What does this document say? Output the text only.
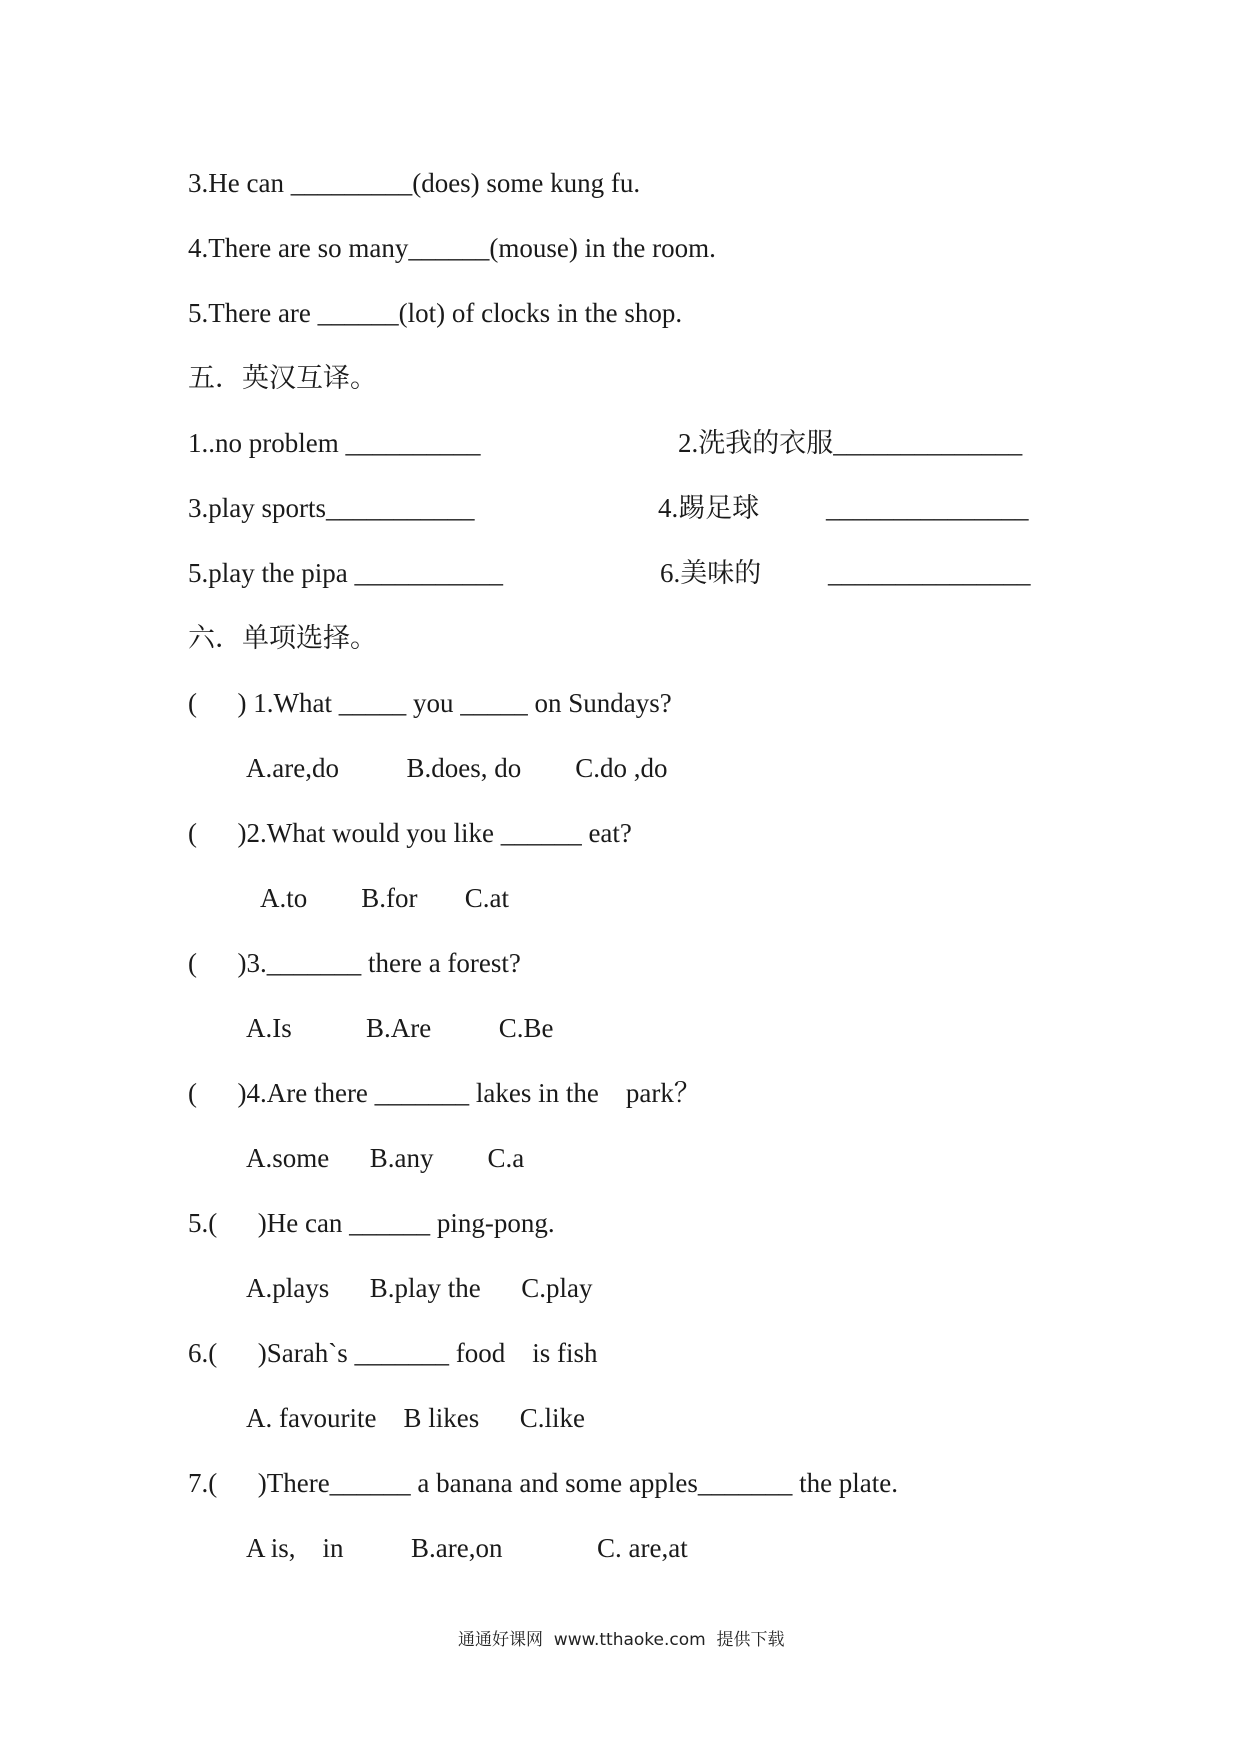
3.He can _________(does) some kung fu.
4.There are so many______(mouse) in the room.
5.There are ______(lot) of clocks in the shop.
五．英汉互译。
1..no problem __________	2.洗我的衣服______________
3.play sports___________	4.踢足球 _______________
5.play the pipa ___________	6.美味的 _______________
六．单项选择。
(      ) 1.What _____ you _____ on Sundays?
A.are,do          B.does, do        C.do ,do
(      )2.What would you like ______ eat?
A.to        B.for       C.at
(      )3._______ there a forest?
A.Is           B.Are          C.Be
(      )4.Are there _______ lakes in the    park？
A.some      B.any        C.a
5.(      )He can ______ ping-pong.
A.plays      B.play the      C.play
6.(      )Sarah`s _______ food    is fish
A. favourite    B likes      C.like
7.(      )There______ a banana and some apples_______ the plate.
A is,    in          B.are,on              C. are,at
通通好课网  www.tthaoke.com  提供下载
